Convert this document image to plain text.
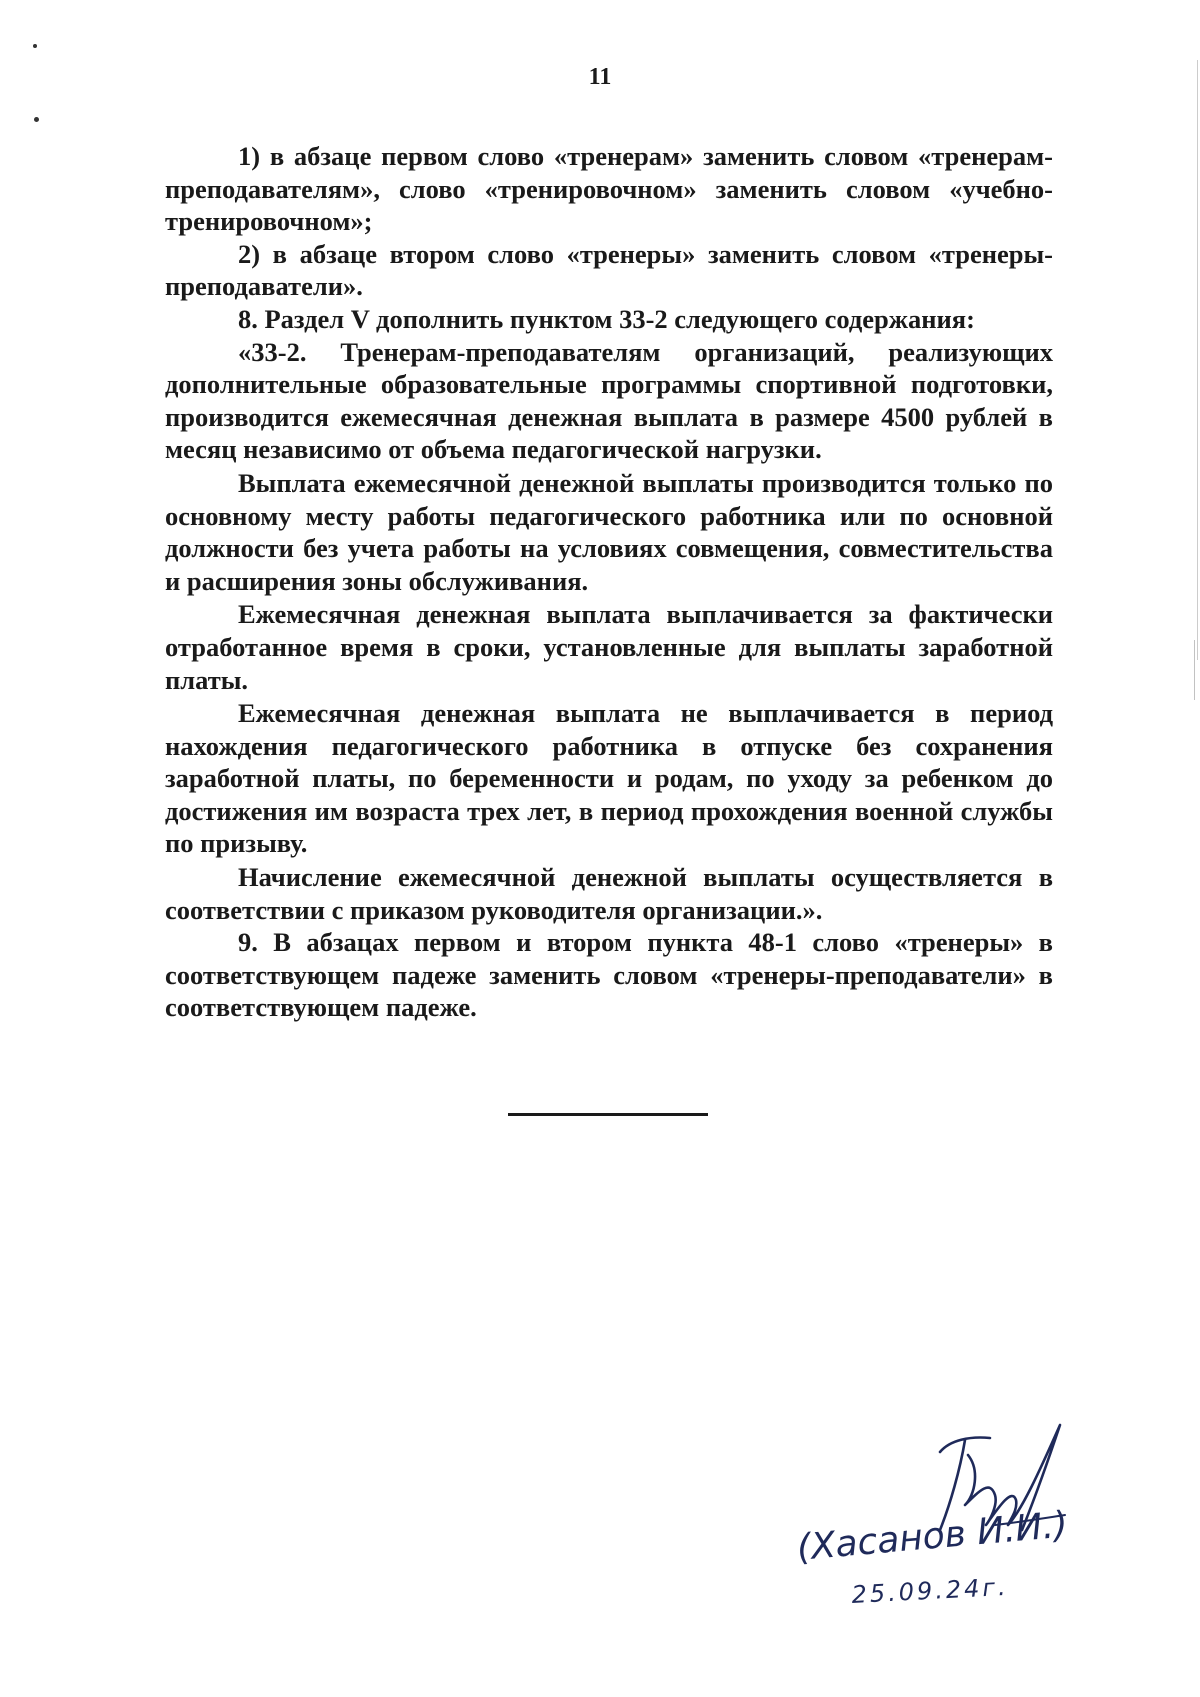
11

1) в абзаце первом слово «тренерам» заменить словом «тренерам-преподавателям», слово «тренировочном» заменить словом «учебно-тренировочном»;

2) в абзаце втором слово «тренеры» заменить словом «тренеры-преподаватели».

8. Раздел V дополнить пунктом 33-2 следующего содержания:

«33-2. Тренерам-преподавателям организаций, реализующих дополнительные образовательные программы спортивной подготовки, производится ежемесячная денежная выплата в размере 4500 рублей в месяц независимо от объема педагогической нагрузки.

Выплата ежемесячной денежной выплаты производится только по основному месту работы педагогического работника или по основной должности без учета работы на условиях совмещения, совместительства и расширения зоны обслуживания.

Ежемесячная денежная выплата выплачивается за фактически отработанное время в сроки, установленные для выплаты заработной платы.

Ежемесячная денежная выплата не выплачивается в период нахождения педагогического работника в отпуске без сохранения заработной платы, по беременности и родам, по уходу за ребенком до достижения им возраста трех лет, в период прохождения военной службы по призыву.

Начисление ежемесячной денежной выплаты осуществляется в соответствии с приказом руководителя организации.».

9. В абзацах первом и втором пункта 48-1 слово «тренеры» в соответствующем падеже заменить словом «тренеры-преподаватели» в соответствующем падеже.

(Хасанов И.И.)
25.09.24г.
